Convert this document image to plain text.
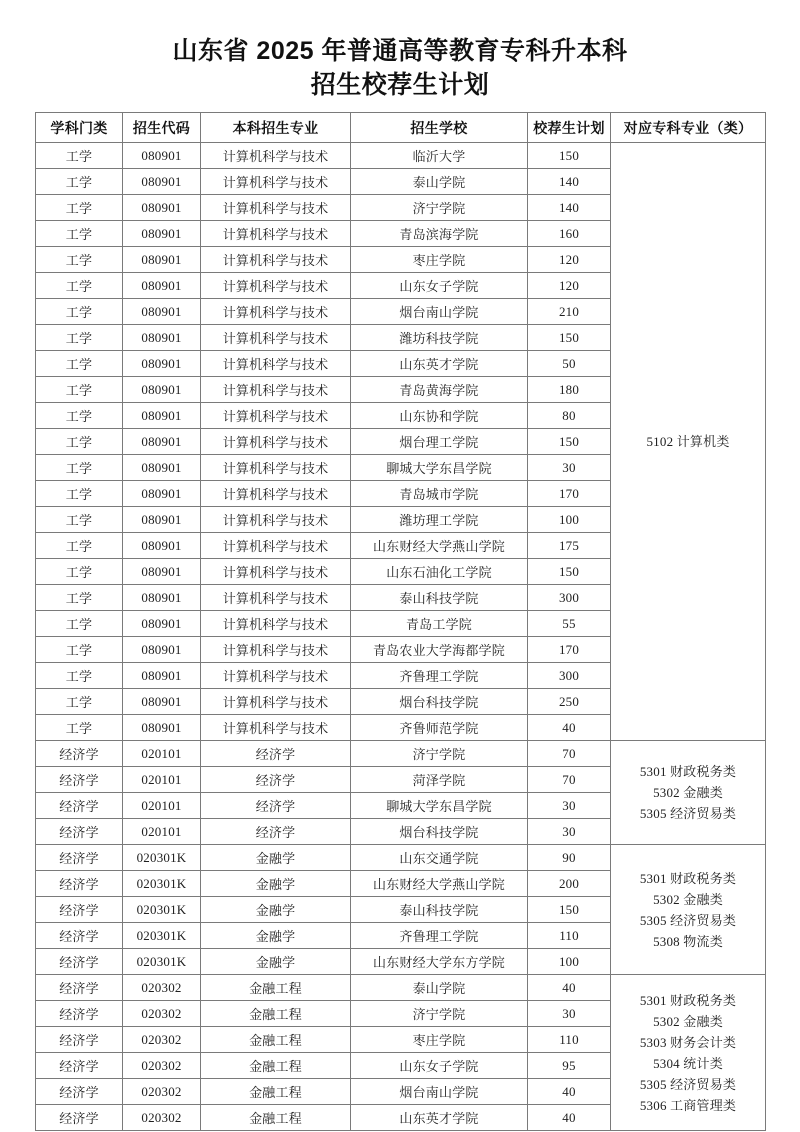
山东省 2025 年普通高等教育专科升本科
招生校荐生计划
学科门类	招生代码	本科招生专业	招生学校	校荐生计划	对应专科专业（类）
工学	080901	计算机科学与技术	临沂大学	150	5102 计算机类

工学	080901	计算机科学与技术	泰山学院	140	
工学	080901	计算机科学与技术	济宁学院	140	
工学	080901	计算机科学与技术	青岛滨海学院	160	
工学	080901	计算机科学与技术	枣庄学院	120	
工学	080901	计算机科学与技术	山东女子学院	120	
工学	080901	计算机科学与技术	烟台南山学院	210	
工学	080901	计算机科学与技术	潍坊科技学院	150	
工学	080901	计算机科学与技术	山东英才学院	50	
工学	080901	计算机科学与技术	青岛黄海学院	180	
工学	080901	计算机科学与技术	山东协和学院	80	
工学	080901	计算机科学与技术	烟台理工学院	150	
工学	080901	计算机科学与技术	聊城大学东昌学院	30	
工学	080901	计算机科学与技术	青岛城市学院	170	
工学	080901	计算机科学与技术	潍坊理工学院	100	
工学	080901	计算机科学与技术	山东财经大学燕山学院	175	
工学	080901	计算机科学与技术	山东石油化工学院	150	
工学	080901	计算机科学与技术	泰山科技学院	300	
工学	080901	计算机科学与技术	青岛工学院	55	
工学	080901	计算机科学与技术	青岛农业大学海都学院	170	
工学	080901	计算机科学与技术	齐鲁理工学院	300	
工学	080901	计算机科学与技术	烟台科技学院	250	
工学	080901	计算机科学与技术	齐鲁师范学院	40	
经济学	020101	经济学	济宁学院	70	5301 财政税务类
5302 金融类
5305 经济贸易类

经济学	020101	经济学	菏泽学院	70	
经济学	020101	经济学	聊城大学东昌学院	30	
经济学	020101	经济学	烟台科技学院	30	
经济学	020301K	金融学	山东交通学院	90	5301 财政税务类
5302 金融类
5305 经济贸易类
5308 物流类

经济学	020301K	金融学	山东财经大学燕山学院	200	
经济学	020301K	金融学	泰山科技学院	150	
经济学	020301K	金融学	齐鲁理工学院	110	
经济学	020301K	金融学	山东财经大学东方学院	100	
经济学	020302	金融工程	泰山学院	40	
5301 财政税务类
5302 金融类
5303 财务会计类
5304 统计类
5305 经济贸易类
5306 工商管理类

经济学	020302	金融工程	济宁学院	30	
经济学	020302	金融工程	枣庄学院	110	
经济学	020302	金融工程	山东女子学院	95	
经济学	020302	金融工程	烟台南山学院	40	
经济学	020302	金融工程	山东英才学院	40	
